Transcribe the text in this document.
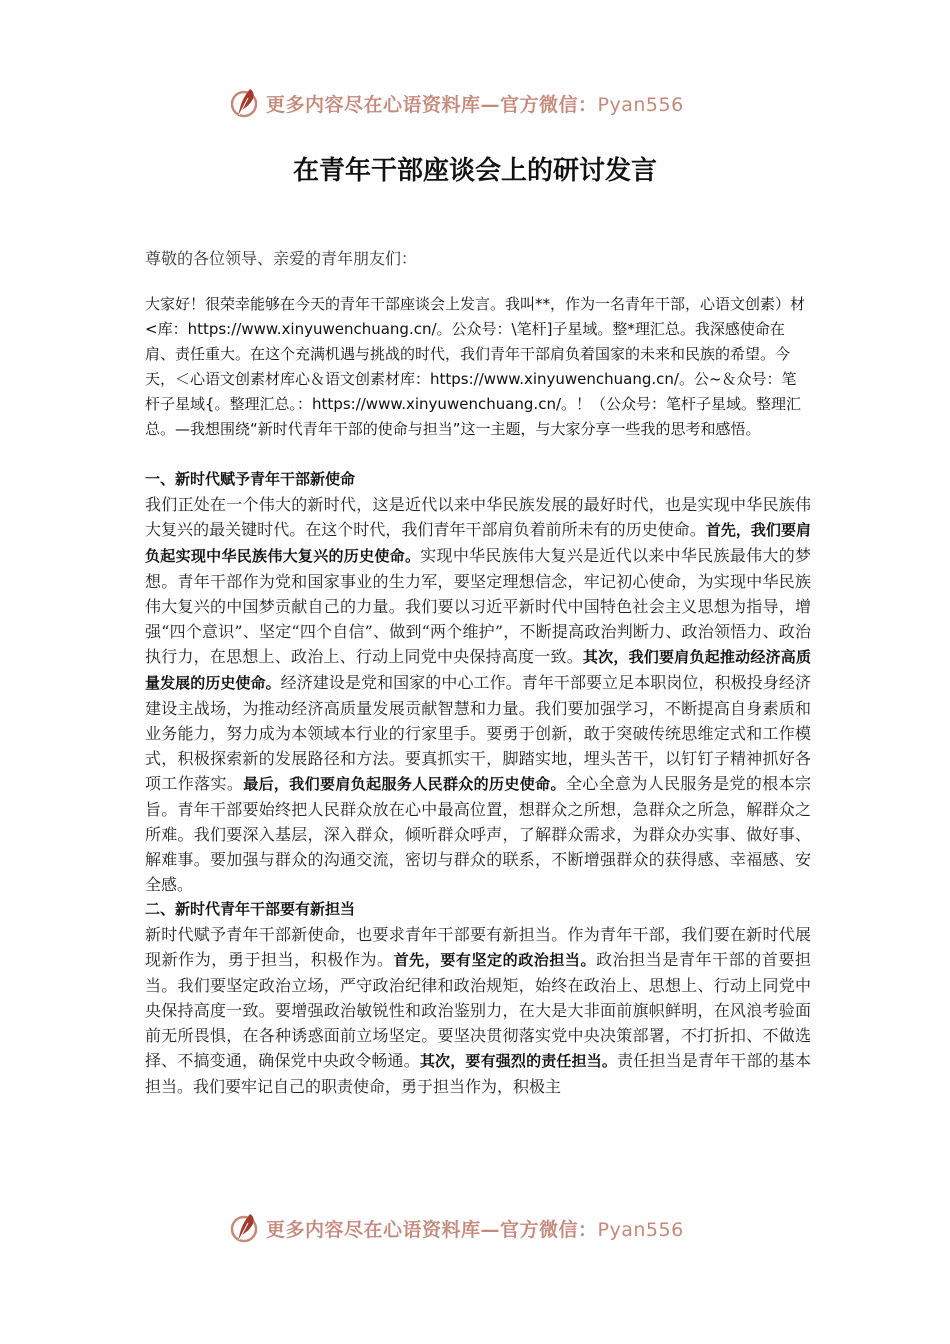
更多内容尽在心语资料库—官方微信：Pyan556
在青年干部座谈会上的研讨发言

尊敬的各位领导、亲爱的青年朋友们：

大家好！很荣幸能够在今天的青年干部座谈会上发言。我叫**，作为一名青年干部，心语文创素）材<库：https://www.xinyuwenchuang.cn/。公众号：\笔杆]子星域。整*理汇总。我深感使命在肩、责任重大。在这个充满机遇与挑战的时代，我们青年干部肩负着国家的未来和民族的希望。今天，＜心语文创素材库心＆语文创素材库：https://www.xinyuwenchuang.cn/。公~＆众号：笔杆子星域{。整理汇总。：https://www.xinyuwenchuang.cn/。！（公众号：笔杆子星域。整理汇总。—我想围绕“新时代青年干部的使命与担当”这一主题，与大家分享一些我的思考和感悟。

一、新时代赋予青年干部新使命

我们正处在一个伟大的新时代，这是近代以来中华民族发展的最好时代，也是实现中华民族伟大复兴的最关键时代。在这个时代，我们青年干部肩负着前所未有的历史使命。首先，我们要肩负起实现中华民族伟大复兴的历史使命。实现中华民族伟大复兴是近代以来中华民族最伟大的梦想。青年干部作为党和国家事业的生力军，要坚定理想信念，牢记初心使命，为实现中华民族伟大复兴的中国梦贡献自己的力量。我们要以习近平新时代中国特色社会主义思想为指导，增强“四个意识”、坚定“四个自信”、做到“两个维护”，不断提高政治判断力、政治领悟力、政治执行力，在思想上、政治上、行动上同党中央保持高度一致。其次，我们要肩负起推动经济高质量发展的历史使命。经济建设是党和国家的中心工作。青年干部要立足本职岗位，积极投身经济建设主战场，为推动经济高质量发展贡献智慧和力量。我们要加强学习，不断提高自身素质和业务能力，努力成为本领域本行业的行家里手。要勇于创新，敢于突破传统思维定式和工作模式，积极探索新的发展路径和方法。要真抓实干，脚踏实地，埋头苦干，以钉钉子精神抓好各项工作落实。最后，我们要肩负起服务人民群众的历史使命。全心全意为人民服务是党的根本宗旨。青年干部要始终把人民群众放在心中最高位置，想群众之所想，急群众之所急，解群众之所难。我们要深入基层，深入群众，倾听群众呼声，了解群众需求，为群众办实事、做好事、解难事。要加强与群众的沟通交流，密切与群众的联系，不断增强群众的获得感、幸福感、安全感。

二、新时代青年干部要有新担当

新时代赋予青年干部新使命，也要求青年干部要有新担当。作为青年干部，我们要在新时代展现新作为，勇于担当，积极作为。首先，要有坚定的政治担当。政治担当是青年干部的首要担当。我们要坚定政治立场，严守政治纪律和政治规矩，始终在政治上、思想上、行动上同党中央保持高度一致。要增强政治敏锐性和政治鉴别力，在大是大非面前旗帜鲜明，在风浪考验面前无所畏惧，在各种诱惑面前立场坚定。要坚决贯彻落实党中央决策部署，不打折扣、不做选择、不搞变通，确保党中央政令畅通。其次，要有强烈的责任担当。责任担当是青年干部的基本担当。我们要牢记自己的职责使命，勇于担当作为，积极主

更多内容尽在心语资料库—官方微信：Pyan556
